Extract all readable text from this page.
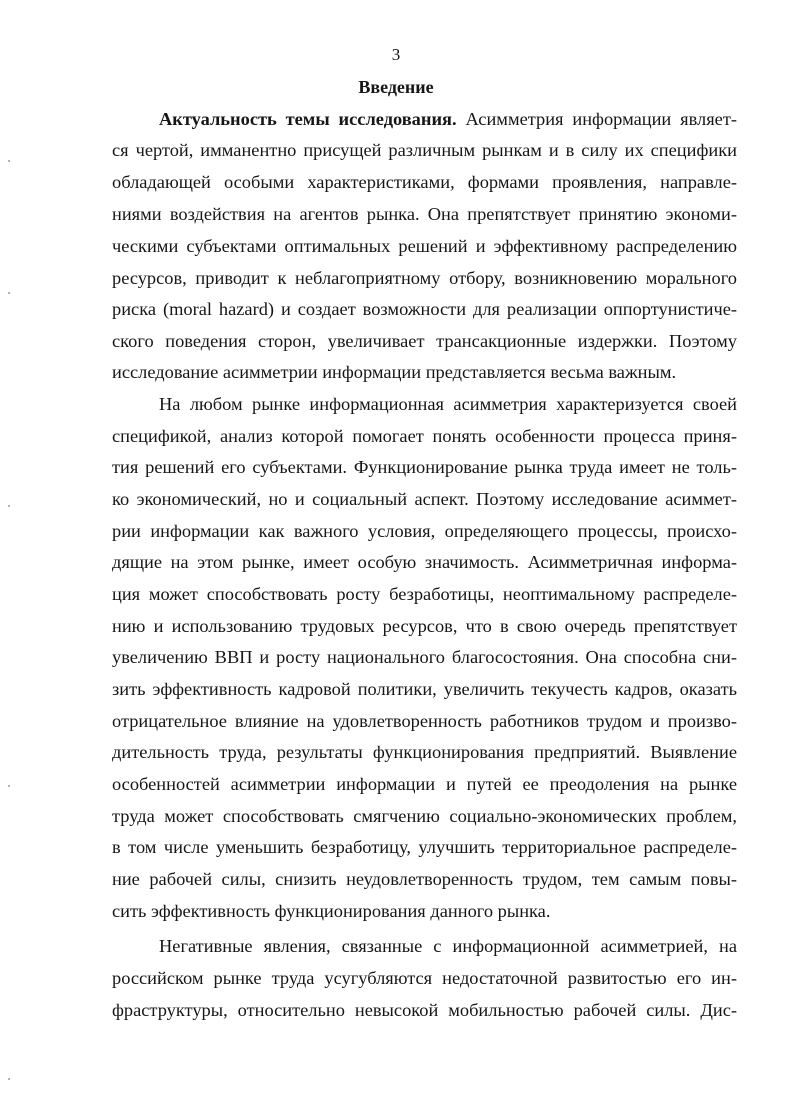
3
Введение
Актуальность темы исследования. Асимметрия информации являет-
ся чертой, имманентно присущей различным рынкам и в силу их специфики
обладающей особыми характеристиками, формами проявления, направле-
ниями воздействия на агентов рынка. Она препятствует принятию экономи-
ческими субъектами оптимальных решений и эффективному распределению
ресурсов, приводит к неблагоприятному отбору, возникновению морального
риска (moral hazard) и создает возможности для реализации оппортунистиче-
ского поведения сторон, увеличивает трансакционные издержки. Поэтому
исследование асимметрии информации представляется весьма важным.
На любом рынке информационная асимметрия характеризуется своей
спецификой, анализ которой помогает понять особенности процесса приня-
тия решений его субъектами. Функционирование рынка труда имеет не толь-
ко экономический, но и социальный аспект. Поэтому исследование асиммет-
рии информации как важного условия, определяющего процессы, происхо-
дящие на этом рынке, имеет особую значимость. Асимметричная информа-
ция может способствовать росту безработицы, неоптимальному распределе-
нию и использованию трудовых ресурсов, что в свою очередь препятствует
увеличению ВВП и росту национального благосостояния. Она способна сни-
зить эффективность кадровой политики, увеличить текучесть кадров, оказать
отрицательное влияние на удовлетворенность работников трудом и произво-
дительность труда, результаты функционирования предприятий. Выявление
особенностей асимметрии информации и путей ее преодоления на рынке
труда может способствовать смягчению социально-экономических проблем,
в том числе уменьшить безработицу, улучшить территориальное распределе-
ние рабочей силы, снизить неудовлетворенность трудом, тем самым повы-
сить эффективность функционирования данного рынка.
Негативные явления, связанные с информационной асимметрией, на
российском рынке труда усугубляются недостаточной развитостью его ин-
фраструктуры, относительно невысокой мобильностью рабочей силы. Дис-
